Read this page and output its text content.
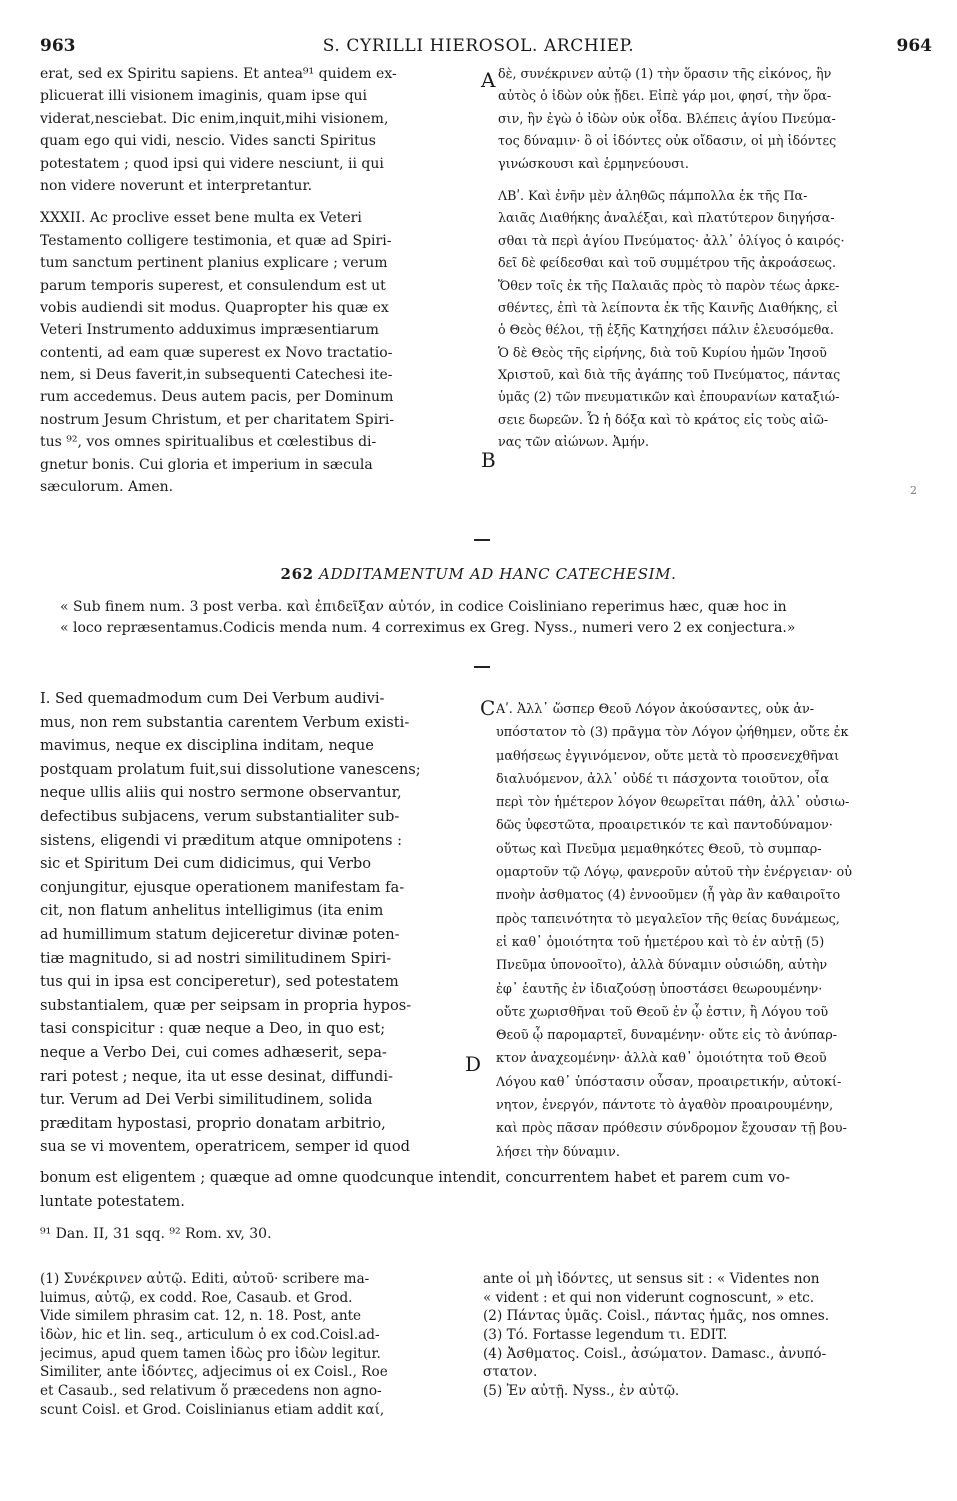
963	S. CYRILLI HIEROSOL. ARCHIEP.	964
erat, sed ex Spiritu sapiens. Et antea⁹¹ quidem ex-
plicuerat illi visionem imaginis, quam ipse qui
viderat,nesciebat. Dic enim,inquit,mihi visionem,
quam ego qui vidi, nescio. Vides sancti Spiritus
potestatem ; quod ipsi qui videre nesciunt, ii qui
non videre noverunt et interpretantur.
XXXII. Ac proclive esset bene multa ex Veteri
Testamento colligere testimonia, et quæ ad Spiri-
tum sanctum pertinent planius explicare ; verum
parum temporis superest, et consulendum est ut
vobis audiendi sit modus. Quapropter his quæ ex
Veteri Instrumento adduximus impræsentiarum
contenti, ad eam quæ superest ex Novo tractatio-
nem, si Deus faverit,in subsequenti Catechesi ite-
rum accedemus. Deus autem pacis, per Dominum
nostrum Jesum Christum, et per charitatem Spiri-
tus ⁹², vos omnes spiritualibus et cœlestibus di-
gnetur bonis. Cui gloria et imperium in sæcula
sæculorum. Amen.
δὲ, συνέκρινεν αὐτῷ (1) τὴν ὅρασιν τῆς εἰκόνος, ἣν
αὐτὸς ὁ ἰδὼν οὐκ ᾔδει. Εἰπὲ γάρ μοι, φησί, τὴν ὅρα-
σιν, ἣν ἐγὼ ὁ ἰδὼν οὐκ οἶδα. Βλέπεις ἁγίου Πνεύμα-
τος δύναμιν· ὃ οἱ ἰδόντες οὐκ οἴδασιν, οἱ μὴ ἰδόντες
γινώσκουσι καὶ ἑρμηνεύουσι.
ΛΒʹ. Καὶ ἐνῆν μὲν ἀληθῶς πάμπολλα ἐκ τῆς Πα-
λαιᾶς Διαθήκης ἀναλέξαι, καὶ πλατύτερον διηγήσα-
σθαι τὰ περὶ ἁγίου Πνεύματος· ἀλλ᾽ ὀλίγος ὁ καιρός·
δεῖ δὲ φείδεσθαι καὶ τοῦ συμμέτρου τῆς ἀκροάσεως.
Ὅθεν τοῖς ἐκ τῆς Παλαιᾶς πρὸς τὸ παρὸν τέως ἀρκε-
σθέντες, ἐπὶ τὰ λείποντα ἐκ τῆς Καινῆς Διαθήκης, εἰ
ὁ Θεὸς θέλοι, τῇ ἑξῆς Κατηχήσει πάλιν ἐλευσόμεθα.
Ὁ δὲ Θεὸς τῆς εἰρήνης, διὰ τοῦ Κυρίου ἡμῶν Ἰησοῦ
Χριστοῦ, καὶ διὰ τῆς ἀγάπης τοῦ Πνεύματος, πάντας
ὑμᾶς (2) τῶν πνευματικῶν καὶ ἐπουρανίων καταξιώ-
σειε δωρεῶν. Ὧ ἡ δόξα καὶ τὸ κράτος εἰς τοὺς αἰῶ-
νας τῶν αἰώνων. Ἀμήν.
A
B
2
262 ADDITAMENTUM AD HANC CATECHESIM.
« Sub finem num. 3 post verba. καὶ ἐπιδεῖξαν αὐτόν, in codice Coisliniano reperimus hæc, quæ hoc in
« loco repræsentamus.Codicis menda num. 4 correximus ex Greg. Nyss., numeri vero 2 ex conjectura.»
I. Sed quemadmodum cum Dei Verbum audivi-
mus, non rem substantia carentem Verbum existi-
mavimus, neque ex disciplina inditam, neque
postquam prolatum fuit,sui dissolutione vanescens;
neque ullis aliis qui nostro sermone observantur,
defectibus subjacens, verum substantialiter sub-
sistens, eligendi vi præditum atque omnipotens :
sic et Spiritum Dei cum didicimus, qui Verbo
conjungitur, ejusque operationem manifestam fa-
cit, non flatum anhelitus intelligimus (ita enim
ad humillimum statum dejiceretur divinæ poten-
tiæ magnitudo, si ad nostri similitudinem Spiri-
tus qui in ipsa est conciperetur), sed potestatem
substantialem, quæ per seipsam in propria hypos-
tasi conspicitur : quæ neque a Deo, in quo est;
neque a Verbo Dei, cui comes adhæserit, sepa-
rari potest ; neque, ita ut esse desinat, diffundi-
tur. Verum ad Dei Verbi similitudinem, solida
præditam hypostasi, proprio donatam arbitrio,
sua se vi moventem, operatricem, semper id quod
Aʹ. Ἀλλ᾽ ὥσπερ Θεοῦ Λόγον ἀκούσαντες, οὐκ ἀν-
υπόστατον τὸ (3) πρᾶγμα τὸν Λόγον ᾠήθημεν, οὔτε ἐκ
μαθήσεως ἐγγινόμενον, οὔτε μετὰ τὸ προσενεχθῆναι
διαλυόμενον, ἀλλ᾽ οὐδέ τι πάσχοντα τοιοῦτον, οἷα
περὶ τὸν ἡμέτερον λόγον θεωρεῖται πάθη, ἀλλ᾽ οὐσιω-
δῶς ὑφεστῶτα, προαιρετικόν τε καὶ παντοδύναμον·
οὕτως καὶ Πνεῦμα μεμαθηκότες Θεοῦ, τὸ συμπαρ-
ομαρτοῦν τῷ Λόγῳ, φανεροῦν αὐτοῦ τὴν ἐνέργειαν· οὐ
πνοὴν ἀσθματος (4) ἐννοοῦμεν (ἦ γὰρ ἂν καθαιροῖτο
πρὸς ταπεινότητα τὸ μεγαλεῖον τῆς θείας δυνάμεως,
εἰ καθ᾽ ὁμοιότητα τοῦ ἡμετέρου καὶ τὸ ἐν αὐτῇ (5)
Πνεῦμα ὑπονοοῖτο), ἀλλὰ δύναμιν οὐσιώδη, αὐτὴν
ἐφ᾽ ἑαυτῆς ἐν ἰδιαζούσῃ ὑποστάσει θεωρουμένην·
οὔτε χωρισθῆναι τοῦ Θεοῦ ἐν ᾧ ἐστιν, ἢ Λόγου τοῦ
Θεοῦ ᾧ παρομαρτεῖ, δυναμένην· οὔτε εἰς τὸ ἀνύπαρ-
κτον ἀναχεομένην· ἀλλὰ καθ᾽ ὁμοιότητα τοῦ Θεοῦ
Λόγου καθ᾽ ὑπόστασιν οὖσαν, προαιρετικήν, αὐτοκί-
νητον, ἐνεργόν, πάντοτε τὸ ἀγαθὸν προαιρουμένην,
καὶ πρὸς πᾶσαν πρόθεσιν σύνδρομον ἔχουσαν τῇ βου-
λήσει τὴν δύναμιν.
C
D
bonum est eligentem ; quæque ad omne quodcunque intendit, concurrentem habet et parem cum vo-
luntate potestatem.
⁹¹ Dan. II, 31 sqq. ⁹² Rom. xv, 30.
(1) Συνέκρινεν αὐτῷ. Editi, αὐτοῦ· scribere ma-
luimus, αὐτῷ, ex codd. Roe, Casaub. et Grod.
Vide similem phrasim cat. 12, n. 18. Post, ante
ἰδὼν, hic et lin. seq., articulum ὁ ex cod.Coisl.ad-
jecimus, apud quem tamen ἰδὼς pro ἰδὼν legitur.
Similiter, ante ἰδόντες, adjecimus οἱ ex Coisl., Roe
et Casaub., sed relativum ὅ præcedens non agno-
scunt Coisl. et Grod. Coislinianus etiam addit καί,
ante οἱ μὴ ἰδόντες, ut sensus sit : « Videntes non
« vident : et qui non viderunt cognoscunt, » etc.
(2) Πάντας ὑμᾶς. Coisl., πάντας ἡμᾶς, nos omnes.
(3) Τό. Fortasse legendum τι. EDIT.
(4) Ἀσθματος. Coisl., ἀσώματον. Damasc., ἀνυπό-
στατον.
(5) Ἐν αὐτῇ. Nyss., ἐν αὐτῷ.
